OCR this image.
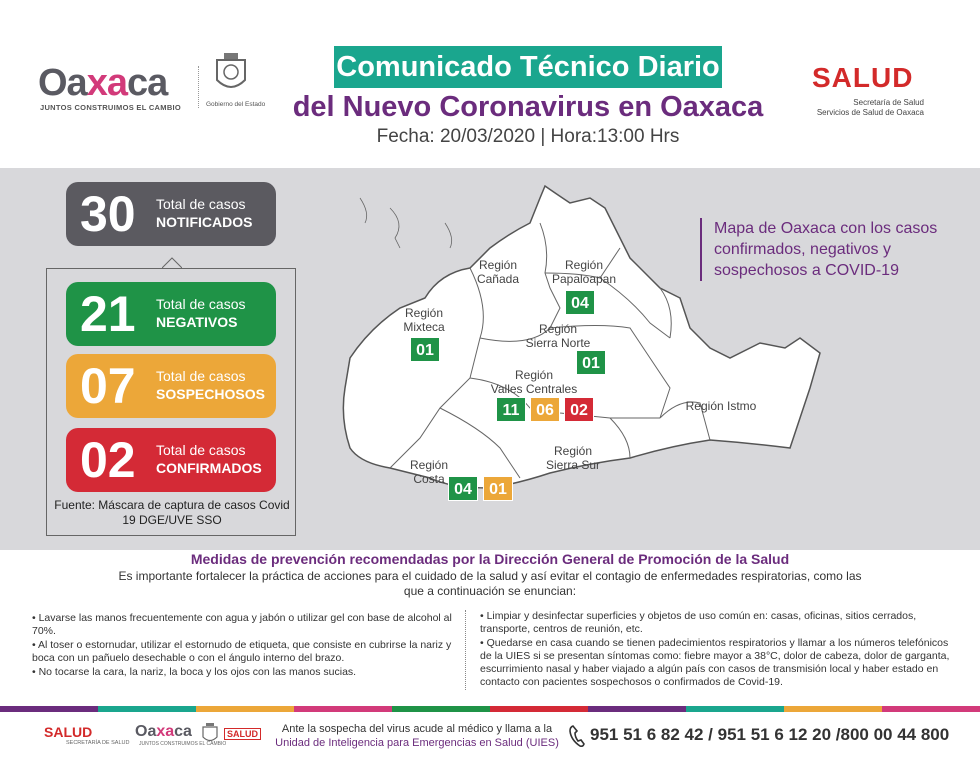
Oaxaca
JUNTOS CONSTRUIMOS EL CAMBIO	Gobierno del Estado
Comunicado Técnico Diario
del Nuevo Coronavirus en Oaxaca
Fecha: 20/03/2020 | Hora:13:00 Hrs
SALUD
Secretaría de Salud
Servicios de Salud de Oaxaca
30 Total de casos
NOTIFICADOS
21 Total de casos
NEGATIVOS
07 Total de casos
SOSPECHOSOS
02 Total de casos
CONFIRMADOS
Fuente: Máscara de captura de casos Covid 19 DGE/UVE SSO
Región
Cañada
Región
Papaloapan
04
Región
Mixteca
01
Región
Sierra Norte
01
Región
Valles Centrales
11	06	02	Región Istmo
Región
Costa
04	01
Región
Sierra Sur
Mapa de Oaxaca con los casos confirmados, negativos y sospechosos a COVID-19
Medidas de prevención recomendadas por la Dirección General de Promoción de la Salud
Es importante fortalecer la práctica de acciones para el cuidado de la salud y así evitar el contagio de enfermedades respiratorias, como las que a continuación se enuncian:
• Lavarse las manos frecuentemente con agua y jabón o utilizar gel con base de alcohol al 70%.
• Al toser o estornudar, utilizar el estornudo de etiqueta, que consiste en cubrirse la nariz y boca con un pañuelo desechable o con el ángulo interno del brazo.
• No tocarse la cara, la nariz, la boca y los ojos con las manos sucias.
• Limpiar y desinfectar superficies y objetos de uso común en: casas, oficinas, sitios cerrados, transporte, centros de reunión, etc.
• Quedarse en casa cuando se tienen padecimientos respiratorios y llamar a los números telefónicos de la UIES si se presentan síntomas como: fiebre mayor a 38°C, dolor de cabeza, dolor de garganta, escurrimiento nasal y haber viajado a algún país con casos de transmisión local y haber estado en contacto con pacientes sospechosos o confirmados de Covid-19.
SALUD
SECRETARÍA DE SALUD
Oaxaca
JUNTOS CONSTRUIMOS EL CAMBIO
SALUD	Ante la sospecha del virus acude al médico y llama a la
Unidad de Inteligencia para Emergencias en Salud (UIES)	951 51 6 82 42 / 951 51 6 12 20 /800 00 44 800
